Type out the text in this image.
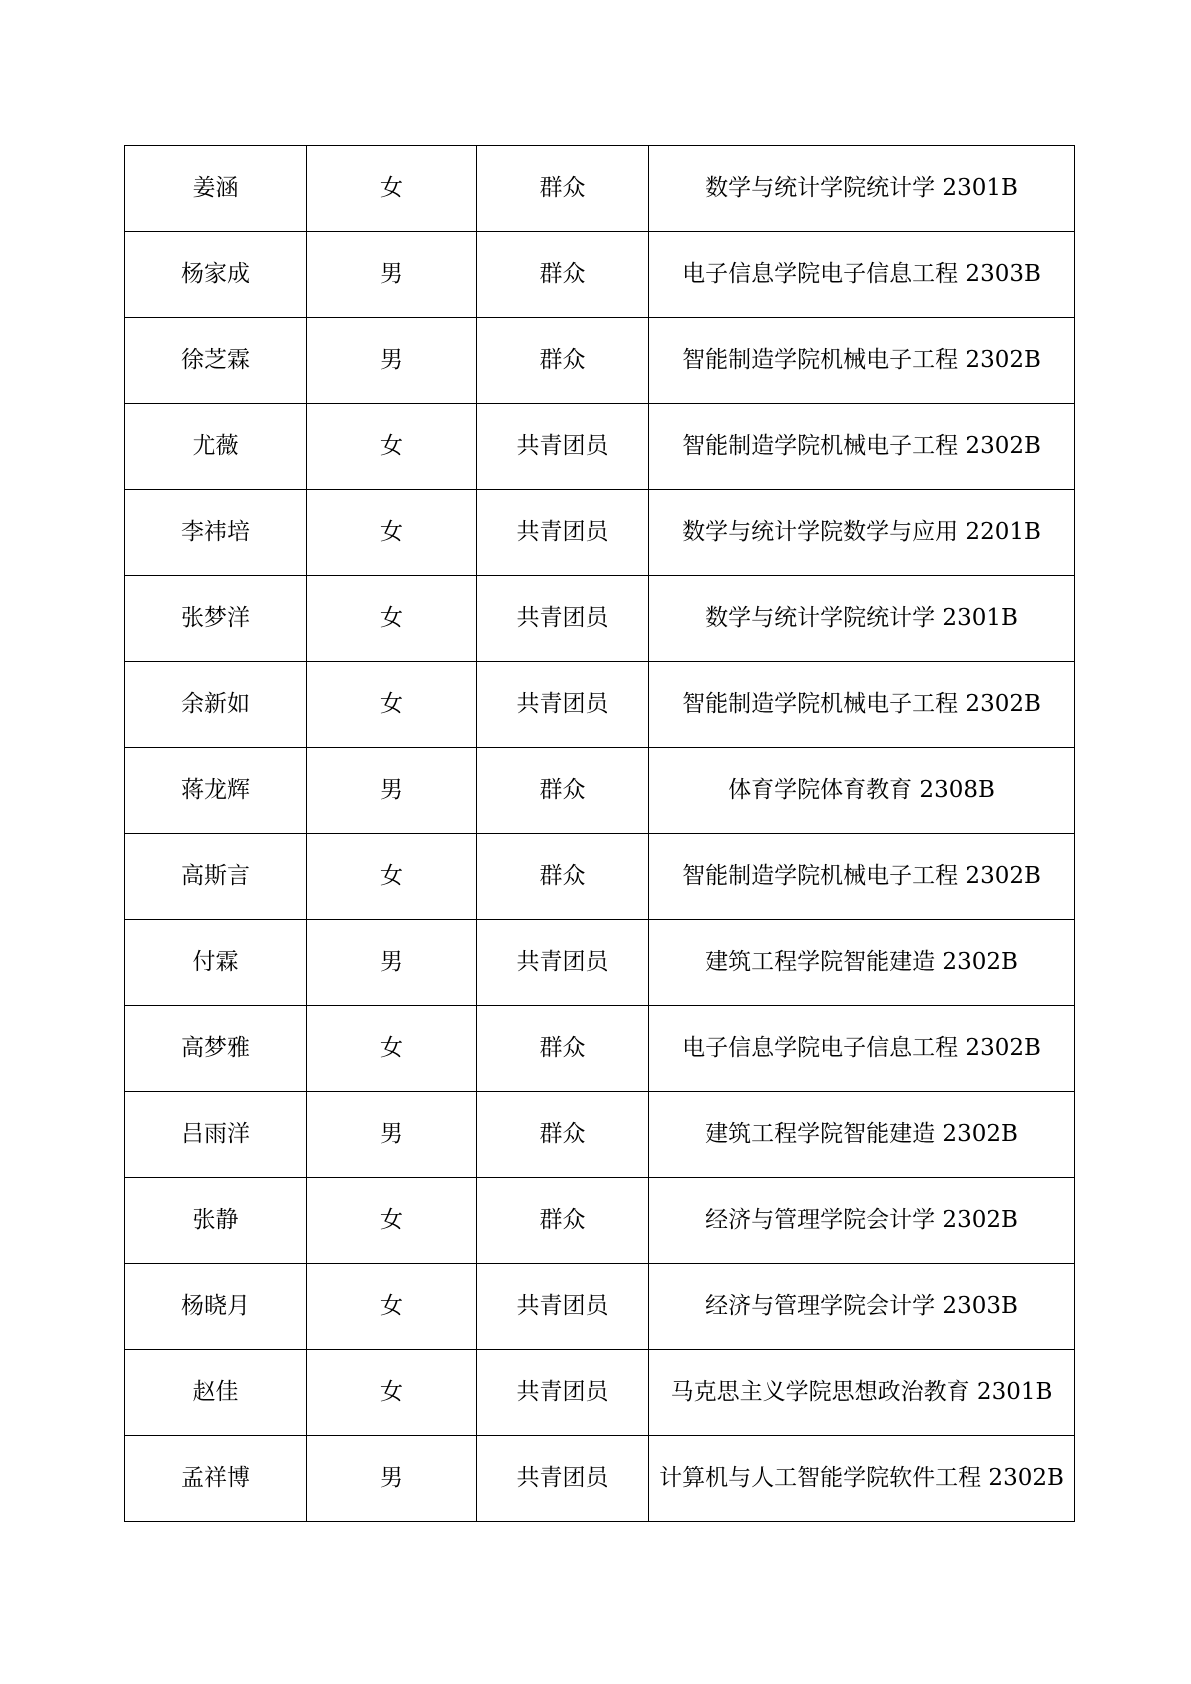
姜涵	女	群众	数学与统计学院统计学 2301B
杨家成	男	群众	电子信息学院电子信息工程 2303B
徐芝霖	男	群众	智能制造学院机械电子工程 2302B
尤薇	女	共青团员	智能制造学院机械电子工程 2302B
李祎培	女	共青团员	数学与统计学院数学与应用 2201B
张梦洋	女	共青团员	数学与统计学院统计学 2301B
余新如	女	共青团员	智能制造学院机械电子工程 2302B
蒋龙辉	男	群众	体育学院体育教育 2308B
高斯言	女	群众	智能制造学院机械电子工程 2302B
付霖	男	共青团员	建筑工程学院智能建造 2302B
高梦雅	女	群众	电子信息学院电子信息工程 2302B
吕雨洋	男	群众	建筑工程学院智能建造 2302B
张静	女	群众	经济与管理学院会计学 2302B
杨晓月	女	共青团员	经济与管理学院会计学 2303B
赵佳	女	共青团员	马克思主义学院思想政治教育 2301B
孟祥博	男	共青团员	计算机与人工智能学院软件工程 2302B
